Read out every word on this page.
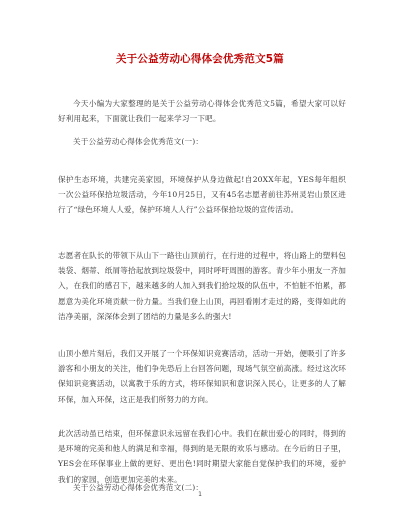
关于公益劳动心得体会优秀范文5篇
今天小编为大家整理的是关于公益劳动心得体会优秀范文5篇，希望大家可以好好利用起来，下面就让我们一起来学习一下吧。
关于公益劳动心得体会优秀范文(一)：
保护生态环境，共建完美家园，环境保护从身边做起!自20XX年起，YES每年组织一次公益环保拾垃圾活动，今年10月25日，又有45名志愿者前往苏州灵岩山景区进行了“绿色环境人人爱，保护环境人人行”公益环保拾垃圾的宣传活动。
志愿者在队长的带领下从山下一路往山顶前行，在行进的过程中，将山路上的塑料包装袋、烟蒂、纸屑等拾起放到垃圾袋中，同时呼吁周围的游客。青少年小朋友一齐加入，在我们的感召下，越来越多的人加入到我们拾垃圾的队伍中，不怕脏不怕累，都愿意为美化环境贡献一份力量。当我们登上山顶，再回看刚才走过的路，变得如此的洁净美丽，深深体会到了团结的力量是多么的强大!
山顶小憩片刻后，我们又开展了一个环保知识竞赛活动，活动一开始，便吸引了许多游客和小朋友的关注，他们争先恐后上台回答问题，现场气氛空前高涨。经过这次环保知识竞赛活动，以寓教于乐的方式，将环保知识和意识深入民心，让更多的人了解环保，加入环保，这正是我们所努力的方向。
此次活动虽已结束，但环保意识永远留在我们心中。我们在献出爱心的同时，得到的是环境的完美和他人的满足和幸福，得到的是无限的欢乐与感动。在今后的日子里，YES会在环保事业上做的更好、更出色!同时期望大家能自觉保护我们的环境，爱护我们的家园，创造更加完美的未来。
关于公益劳动心得体会优秀范文(二)：
1
